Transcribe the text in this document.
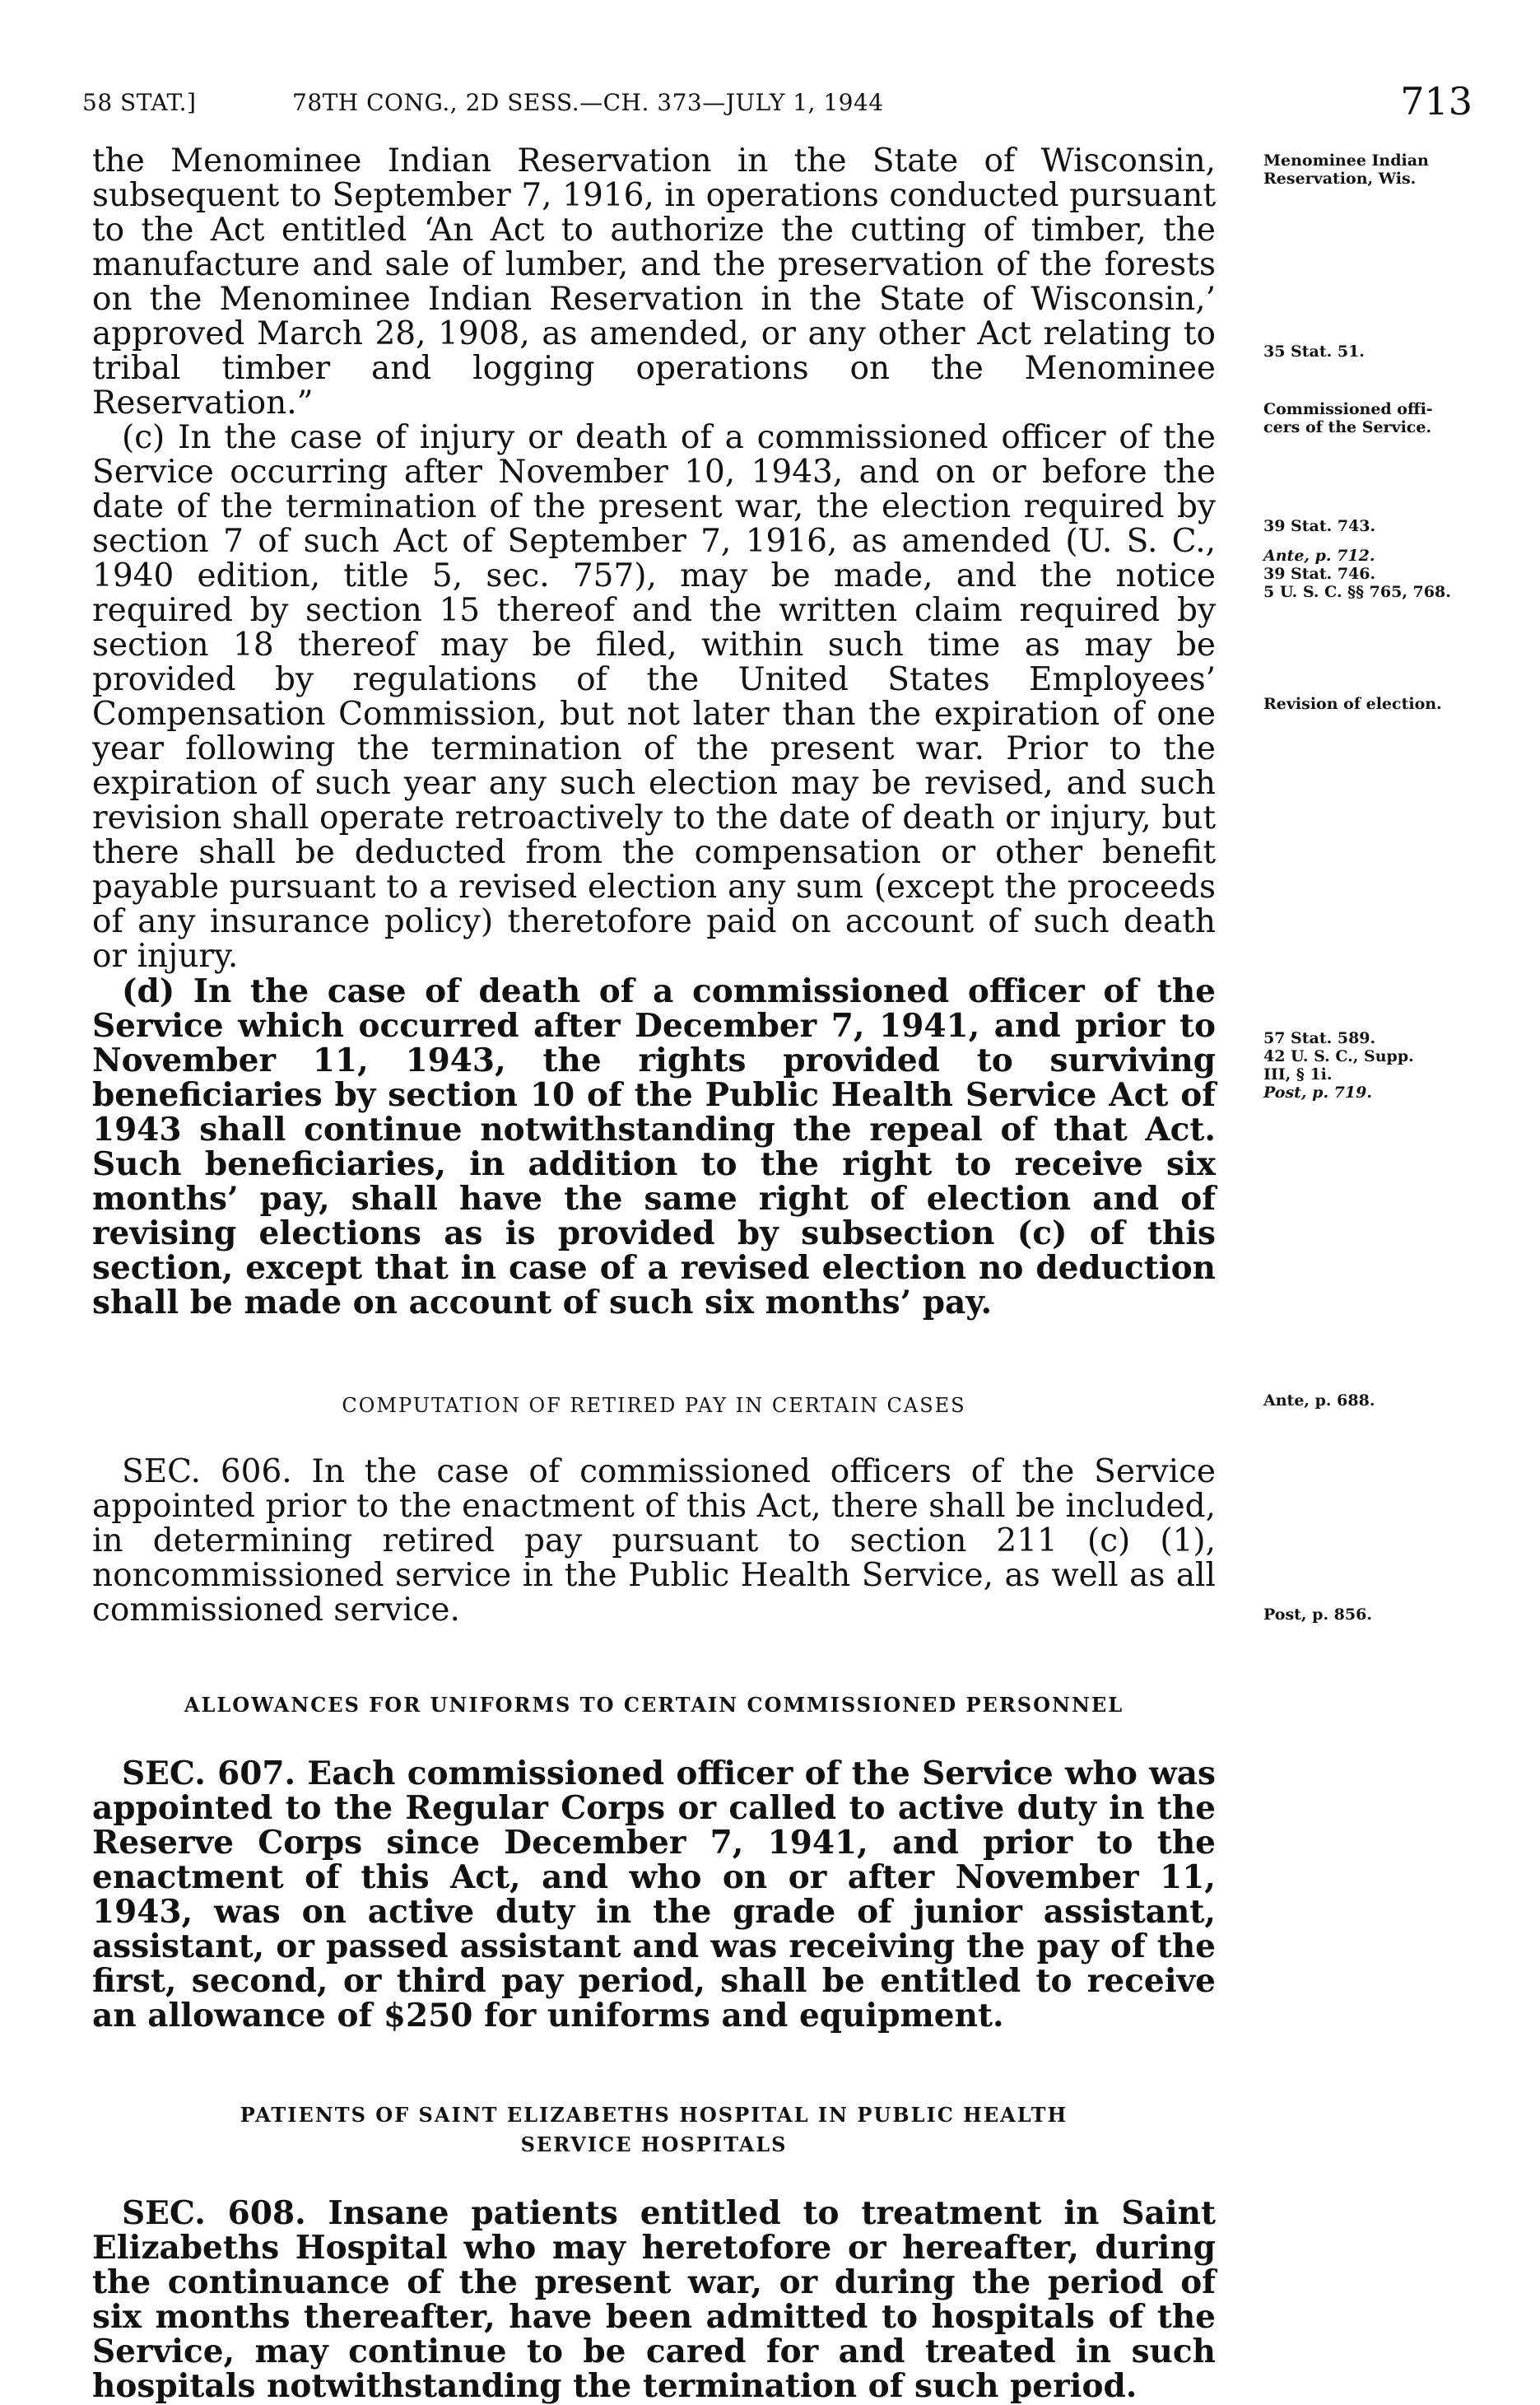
58 STAT.]	78TH CONG., 2D SESS.—CH. 373—JULY 1, 1944	713

the Menominee Indian Reservation in the State of Wisconsin, subsequent to September 7, 1916, in operations conducted pursuant to the Act entitled ‘An Act to authorize the cutting of timber, the manufacture and sale of lumber, and the preservation of the forests on the Menominee Indian Reservation in the State of Wisconsin,’ approved March 28, 1908, as amended, or any other Act relating to tribal timber and logging operations on the Menominee Reservation.”

(c) In the case of injury or death of a commissioned officer of the Service occurring after November 10, 1943, and on or before the date of the termination of the present war, the election required by section 7 of such Act of September 7, 1916, as amended (U. S. C., 1940 edition, title 5, sec. 757), may be made, and the notice required by section 15 thereof and the written claim required by section 18 thereof may be filed, within such time as may be provided by regulations of the United States Employees’ Compensation Commission, but not later than the expiration of one year following the termination of the present war. Prior to the expiration of such year any such election may be revised, and such revision shall operate retroactively to the date of death or injury, but there shall be deducted from the compensation or other benefit payable pursuant to a revised election any sum (except the proceeds of any insurance policy) theretofore paid on account of such death or injury.

(d) In the case of death of a commissioned officer of the Service which occurred after December 7, 1941, and prior to November 11, 1943, the rights provided to surviving beneficiaries by section 10 of the Public Health Service Act of 1943 shall continue notwithstanding the repeal of that Act. Such beneficiaries, in addition to the right to receive six months’ pay, shall have the same right of election and of revising elections as is provided by subsection (c) of this section, except that in case of a revised election no deduction shall be made on account of such six months’ pay.

COMPUTATION OF RETIRED PAY IN CERTAIN CASES

SEC. 606. In the case of commissioned officers of the Service appointed prior to the enactment of this Act, there shall be included, in determining retired pay pursuant to section 211 (c) (1), noncommissioned service in the Public Health Service, as well as all commissioned service.

ALLOWANCES FOR UNIFORMS TO CERTAIN COMMISSIONED PERSONNEL

SEC. 607. Each commissioned officer of the Service who was appointed to the Regular Corps or called to active duty in the Reserve Corps since December 7, 1941, and prior to the enactment of this Act, and who on or after November 11, 1943, was on active duty in the grade of junior assistant, assistant, or passed assistant and was receiving the pay of the first, second, or third pay period, shall be entitled to receive an allowance of $250 for uniforms and equipment.

PATIENTS OF SAINT ELIZABETHS HOSPITAL IN PUBLIC HEALTH
SERVICE HOSPITALS

SEC. 608. Insane patients entitled to treatment in Saint Elizabeths Hospital who may heretofore or hereafter, during the continuance of the present war, or during the period of six months thereafter, have been admitted to hospitals of the Service, may continue to be cared for and treated in such hospitals notwithstanding the termination of such period.

Menominee Indian
Reservation, Wis.
35 Stat. 51.
Commissioned offi-
cers of the Service.
39 Stat. 743.
Ante, p. 712.
39 Stat. 746.
5 U. S. C. §§ 765, 768.
Revision of election.
57 Stat. 589.
42 U. S. C., Supp.
III, § 1i.
Post, p. 719.
Ante, p. 688.
Post, p. 856.
